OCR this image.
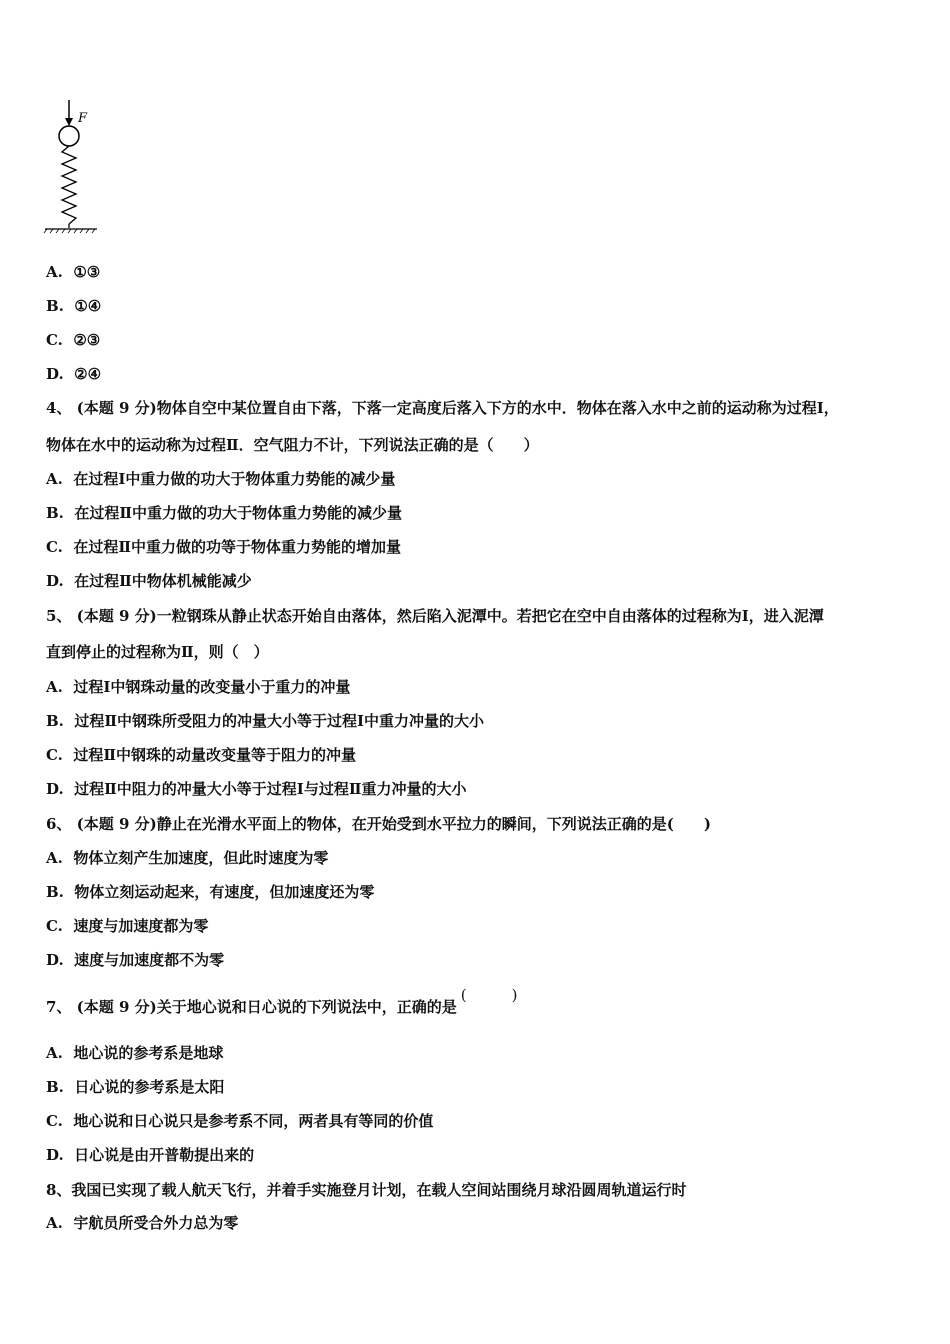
F
A. ①③
B. ①④
C. ②③
D. ②④
4、 (本题 9 分)物体自空中某位置自由下落，下落一定高度后落入下方的水中．物体在落入水中之前的运动称为过程Ⅰ，
物体在水中的运动称为过程Ⅱ．空气阻力不计，下列说法正确的是（　　）
A. 在过程Ⅰ中重力做的功大于物体重力势能的减少量
B. 在过程Ⅱ中重力做的功大于物体重力势能的减少量
C. 在过程Ⅱ中重力做的功等于物体重力势能的增加量
D. 在过程Ⅱ中物体机械能减少
5、 (本题 9 分)一粒钢珠从静止状态开始自由落体，然后陷入泥潭中。若把它在空中自由落体的过程称为Ⅰ，进入泥潭
直到停止的过程称为Ⅱ，则（　）
A. 过程Ⅰ中钢珠动量的改变量小于重力的冲量
B. 过程Ⅱ中钢珠所受阻力的冲量大小等于过程Ⅰ中重力冲量的大小
C. 过程Ⅱ中钢珠的动量改变量等于阻力的冲量
D. 过程Ⅱ中阻力的冲量大小等于过程Ⅰ与过程Ⅱ重力冲量的大小
6、 (本题 9 分)静止在光滑水平面上的物体，在开始受到水平拉力的瞬间，下列说法正确的是(　　)
A. 物体立刻产生加速度，但此时速度为零
B. 物体立刻运动起来，有速度，但加速度还为零
C. 速度与加速度都为零
D. 速度与加速度都不为零
7、 (本题 9 分)关于地心说和日心说的下列说法中，正确的是(　　　)
A. 地心说的参考系是地球
B. 日心说的参考系是太阳
C. 地心说和日心说只是参考系不同，两者具有等同的价值
D. 日心说是由开普勒提出来的
8、我国已实现了载人航天飞行，并着手实施登月计划，在载人空间站围绕月球沿圆周轨道运行时
A. 宇航员所受合外力总为零
